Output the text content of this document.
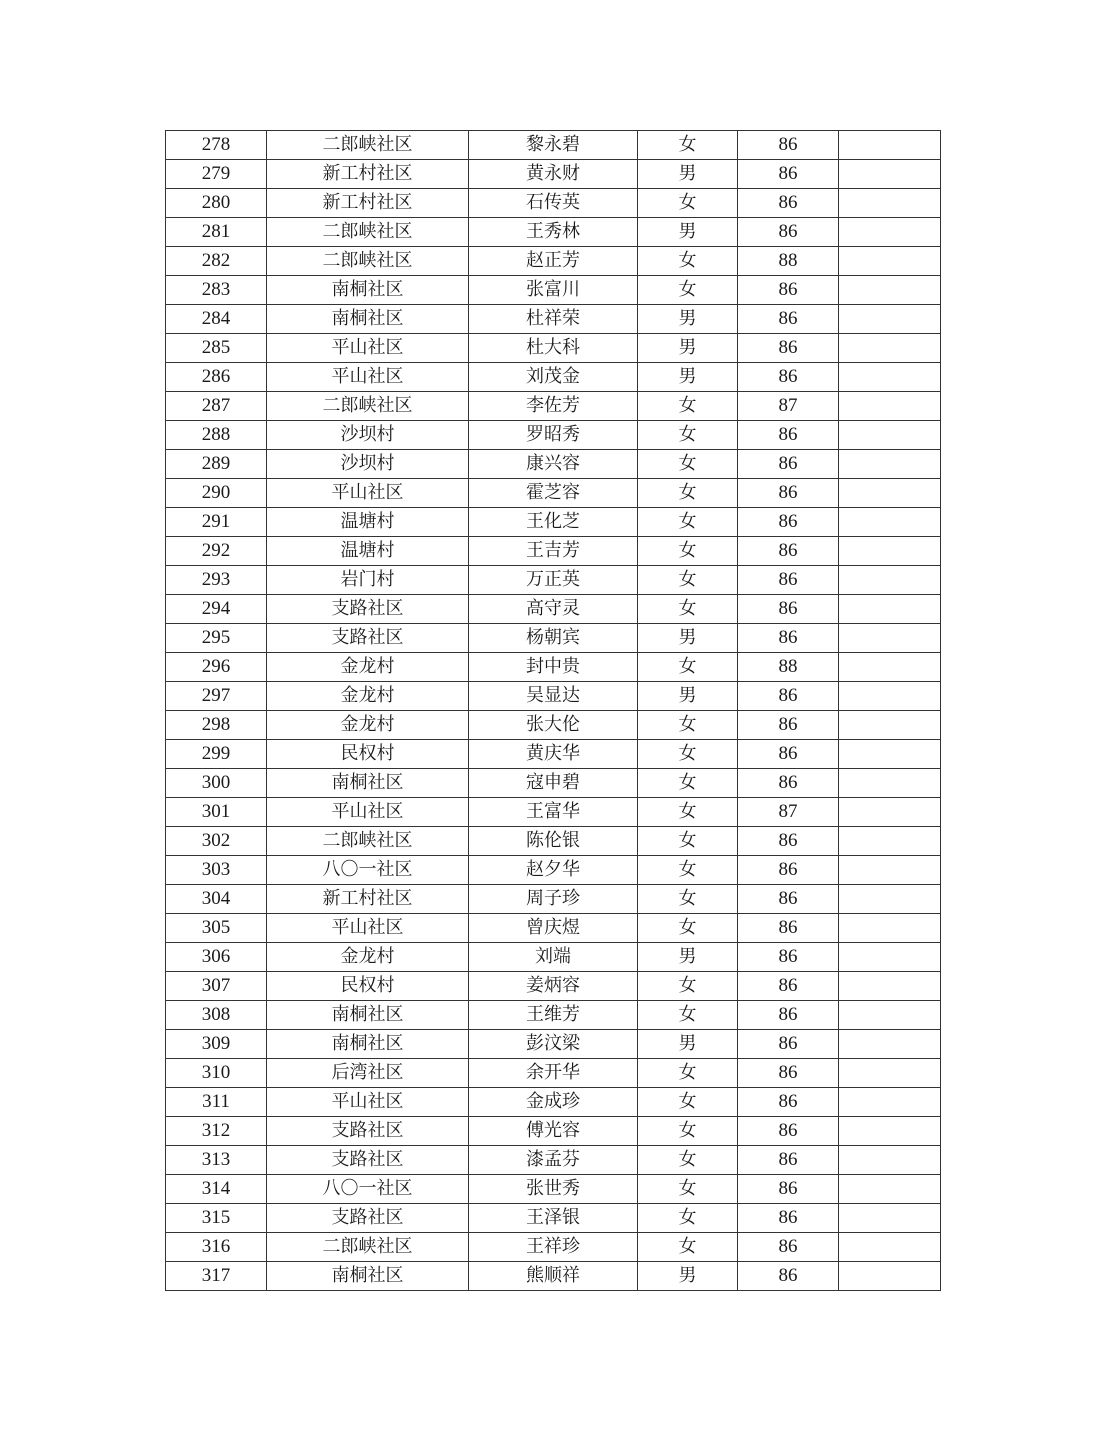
278	二郎峡社区	黎永碧	女	86	
279	新工村社区	黄永财	男	86	
280	新工村社区	石传英	女	86	
281	二郎峡社区	王秀林	男	86	
282	二郎峡社区	赵正芳	女	88	
283	南桐社区	张富川	女	86	
284	南桐社区	杜祥荣	男	86	
285	平山社区	杜大科	男	86	
286	平山社区	刘茂金	男	86	
287	二郎峡社区	李佐芳	女	87	
288	沙坝村	罗昭秀	女	86	
289	沙坝村	康兴容	女	86	
290	平山社区	霍芝容	女	86	
291	温塘村	王化芝	女	86	
292	温塘村	王吉芳	女	86	
293	岩门村	万正英	女	86	
294	支路社区	高守灵	女	86	
295	支路社区	杨朝宾	男	86	
296	金龙村	封中贵	女	88	
297	金龙村	吴显达	男	86	
298	金龙村	张大伦	女	86	
299	民权村	黄庆华	女	86	
300	南桐社区	寇申碧	女	86	
301	平山社区	王富华	女	87	
302	二郎峡社区	陈伦银	女	86	
303	八〇一社区	赵夕华	女	86	
304	新工村社区	周子珍	女	86	
305	平山社区	曾庆煜	女	86	
306	金龙村	刘端	男	86	
307	民权村	姜炳容	女	86	
308	南桐社区	王维芳	女	86	
309	南桐社区	彭汶梁	男	86	
310	后湾社区	余开华	女	86	
311	平山社区	金成珍	女	86	
312	支路社区	傅光容	女	86	
313	支路社区	漆孟芬	女	86	
314	八〇一社区	张世秀	女	86	
315	支路社区	王泽银	女	86	
316	二郎峡社区	王祥珍	女	86	
317	南桐社区	熊顺祥	男	86	
